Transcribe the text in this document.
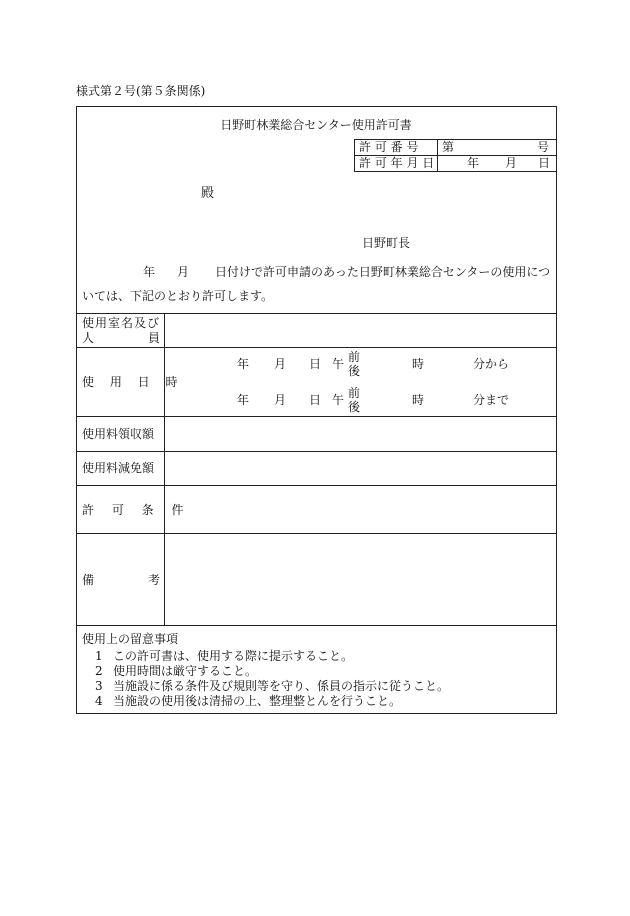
様式第２号(第５条関係)
日野町林業総合センター使用許可書
許 可 番 号	第	号
許 可 年 月 日	年 月 日
殿
日野町長
年 月 日付けで許可申請のあった日野町林業総合センターの使用につ
いては、下記のとおり許可します。
使用室名及び
人	員
使 用 日 時
年 月 日 午 前
後	時	分から
年 月 日 午 前
後	時	分まで
使用料領収額
使用料減免額
許 可 条 件
備	考
使用上の留意事項
1 この許可書は、使用する際に提示すること。
2 使用時間は厳守すること。
3 当施設に係る条件及び規則等を守り、係員の指示に従うこと。
4 当施設の使用後は清掃の上、整理整とんを行うこと。
